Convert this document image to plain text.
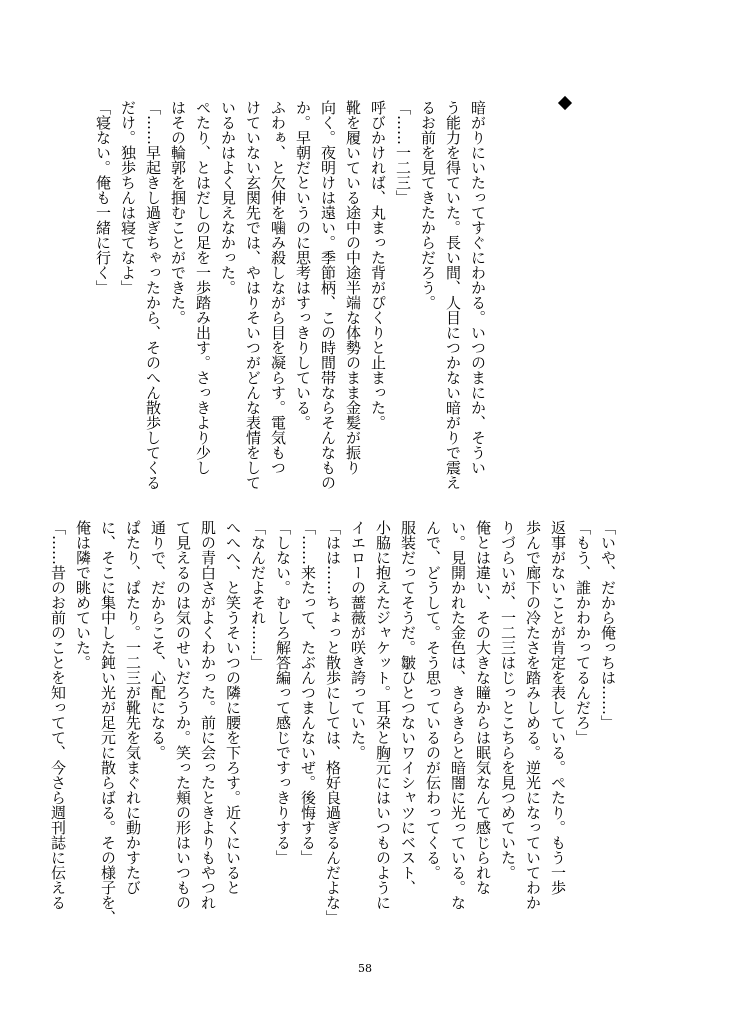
暗がりにいたってすぐにわかる。いつのまにか、そうい

う能力を得ていた。長い間、人目につかない暗がりで震え

るお前を見てきたからだろう。

「……一二三」

呼びかければ、丸まった背がぴくりと止まった。

靴を履いている途中の中途半端な体勢のまま金髪が振り

向く。夜明けは遠い。季節柄、この時間帯ならそんなもの

か。早朝だというのに思考はすっきりしている。

ふわぁ、と欠伸を噛み殺しながら目を凝らす。電気もつ

けていない玄関先では、やはりそいつがどんな表情をして

いるかはよく見えなかった。

ぺたり、とはだしの足を一歩踏み出す。さっきより少し

はその輪郭を掴むことができた。

「……早起きし過ぎちゃったから、そのへん散歩してくる

だけ。独歩ちんは寝てなよ」

「寝ない。俺も一緒に行く」

「いや、だから俺っちは……」

「もう、誰かわかってるんだろ」

返事がないことが肯定を表している。ぺたり。もう一歩

歩んで廊下の冷たさを踏みしめる。逆光になっていてわか

りづらいが、一二三はじっとこちらを見つめていた。

俺とは違い、その大きな瞳からは眠気なんて感じられな

い。見開かれた金色は、きらきらと暗闇に光っている。な

んで、どうして。そう思っているのが伝わってくる。

服装だってそうだ。皺ひとつないワイシャツにベスト、

小脇に抱えたジャケット。耳朶と胸元にはいつものように

イエローの薔薇が咲き誇っていた。

「はは……ちょっと散歩にしては、格好良過ぎるんだよな」

「……来たって、たぶんつまんないぜ。後悔する」

「しない。むしろ解答編って感じですっきりする」

「なんだよそれ……」

へへへ、と笑うそいつの隣に腰を下ろす。近くにいると

肌の青白さがよくわかった。前に会ったときよりもやつれ

て見えるのは気のせいだろうか。笑った頬の形はいつもの

通りで、だからこそ、心配になる。

ぱたり、ぱたり。一二三が靴先を気まぐれに動かすたび

に、そこに集中した鈍い光が足元に散らばる。その様子を、

俺は隣で眺めていた。

「……昔のお前のことを知ってて、今さら週刊誌に伝える

58
